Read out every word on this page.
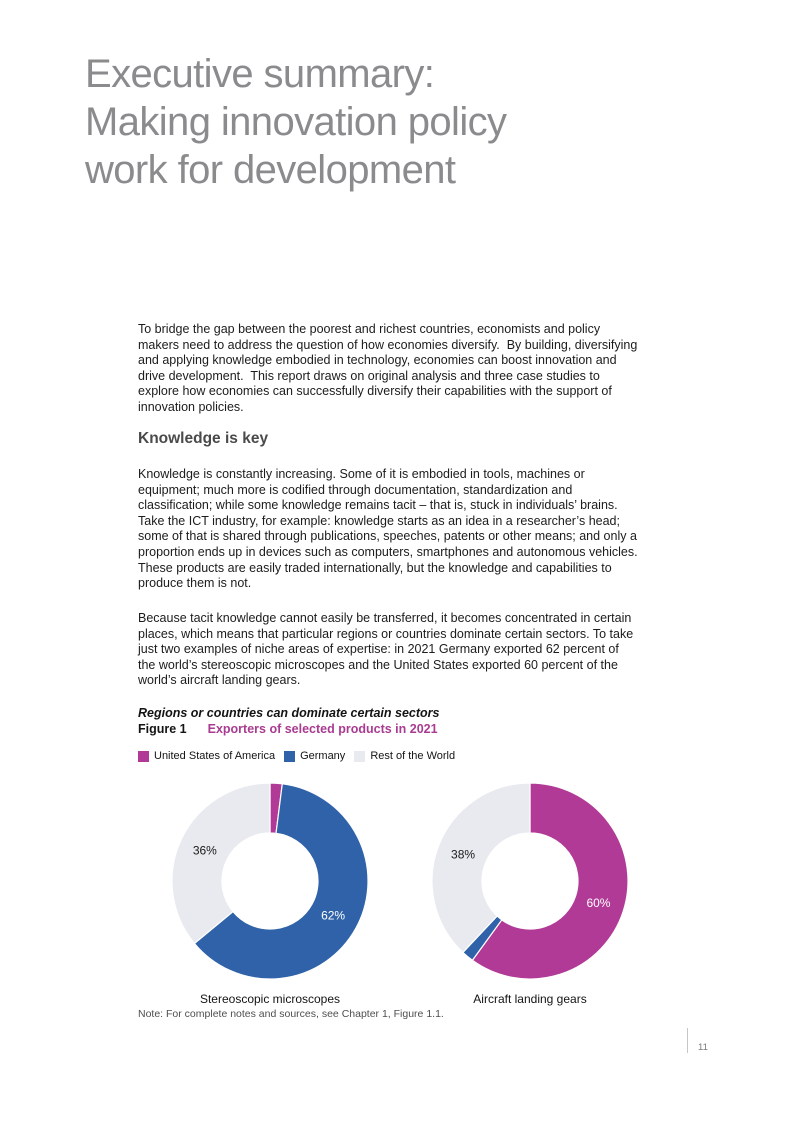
Executive summary:
Making innovation policy
work for development

To bridge the gap between the poorest and richest countries, economists and policy makers need to address the question of how economies diversify.  By building, diversifying and applying knowledge embodied in technology, economies can boost innovation and drive development.  This report draws on original analysis and three case studies to explore how economies can successfully diversify their capabilities with the support of innovation policies.

Knowledge is key

Knowledge is constantly increasing. Some of it is embodied in tools, machines or equipment; much more is codified through documentation, standardization and classification; while some knowledge remains tacit – that is, stuck in individuals’ brains. Take the ICT industry, for example: knowledge starts as an idea in a researcher’s head; some of that is shared through publications, speeches, patents or other means; and only a proportion ends up in devices such as computers, smartphones and autonomous vehicles. These products are easily traded internationally, but the knowledge and capabilities to produce them is not.

Because tacit knowledge cannot easily be transferred, it becomes concentrated in certain places, which means that particular regions or countries dominate certain sectors. To take just two examples of niche areas of expertise: in 2021 Germany exported 62 percent of the world’s stereoscopic microscopes and the United States exported 60 percent of the world’s aircraft landing gears.

Regions or countries can dominate certain sectors
Figure 1 Exporters of selected products in 2021
United States of America Germany Rest of the World
62%
36%
Stereoscopic microscopes
60%
38%
Aircraft landing gears
Note: For complete notes and sources, see Chapter 1, Figure 1.1.
11
